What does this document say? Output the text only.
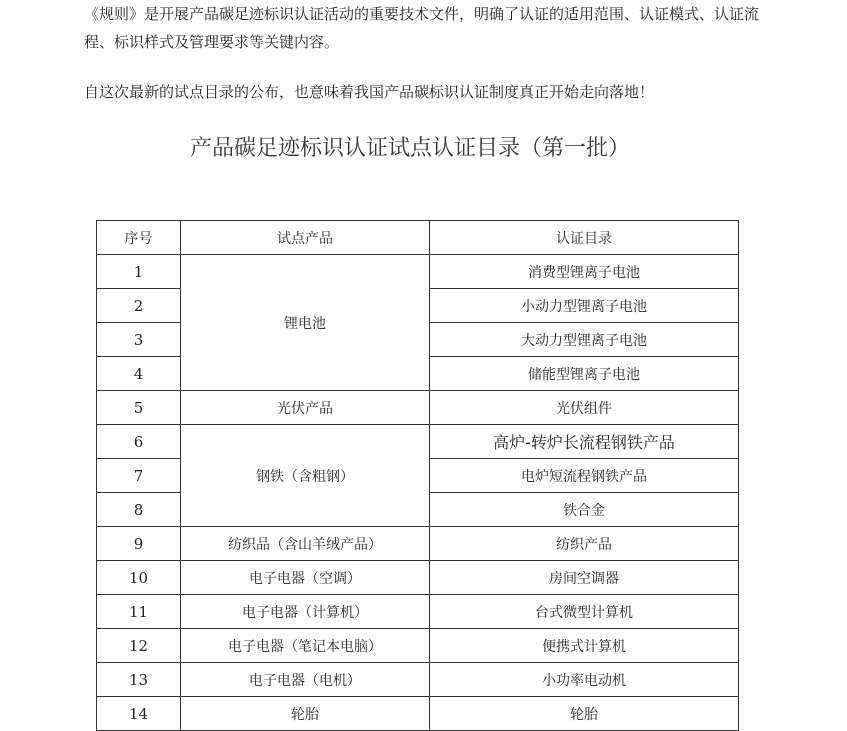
《规则》是开展产品碳足迹标识认证活动的重要技术文件，明确了认证的适用范围、认证模式、认证流程、标识样式及管理要求等关键内容。

自这次最新的试点目录的公布，也意味着我国产品碳标识认证制度真正开始走向落地！

产品碳足迹标识认证试点认证目录（第一批）
序号	试点产品	认证目录
1	锂电池	消费型锂离子电池
2		小动力型锂离子电池
3		大动力型锂离子电池
4		储能型锂离子电池
5	光伏产品	光伏组件
6	钢铁（含粗钢）	高炉-转炉长流程钢铁产品
7		电炉短流程钢铁产品
8		铁合金
9	纺织品（含山羊绒产品）	纺织产品
10	电子电器（空调）	房间空调器
11	电子电器（计算机）	台式微型计算机
12	电子电器（笔记本电脑）	便携式计算机
13	电子电器（电机）	小功率电动机
14	轮胎	轮胎
